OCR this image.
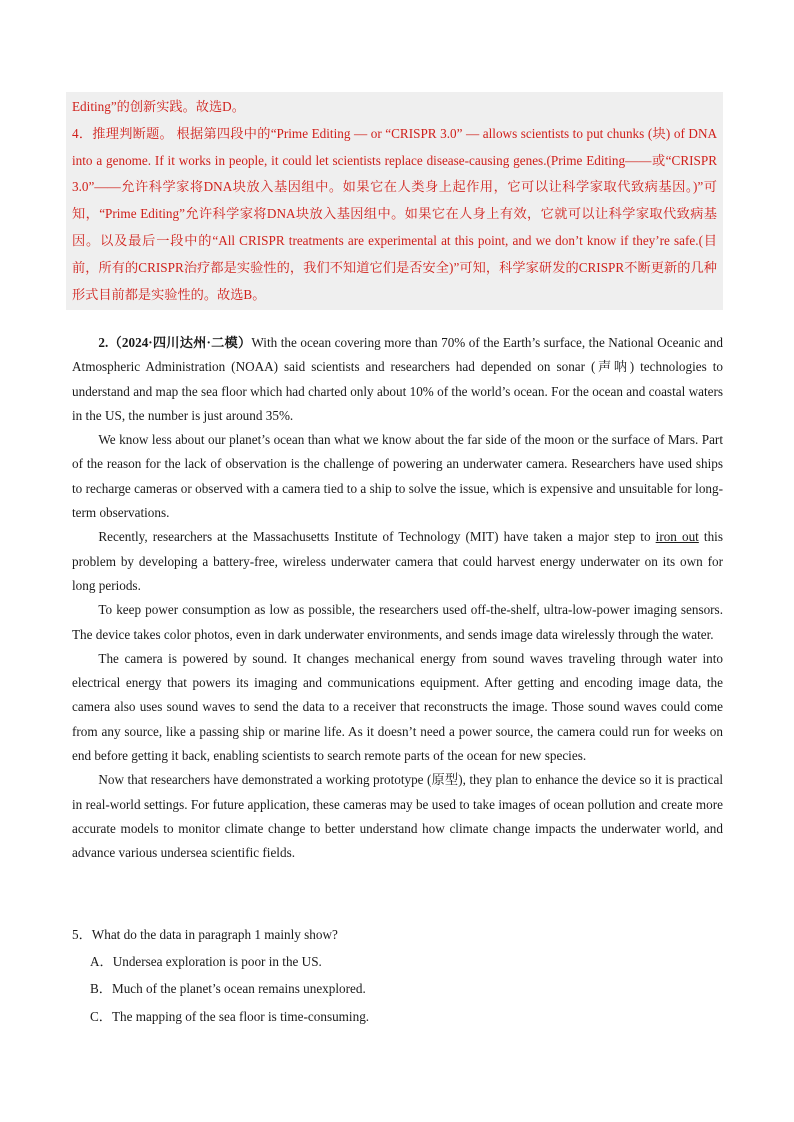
Editing”的创新实践。故选D。

4．推理判断题。 根据第四段中的“Prime Editing — or “CRISPR 3.0” — allows scientists to put chunks (块) of DNA into a genome. If it works in people, it could let scientists replace disease-causing genes.(Prime Editing——或“CRISPR 3.0”——允许科学家将DNA块放入基因组中。如果它在人类身上起作用，它可以让科学家取代致病基因。)”可知，“Prime Editing”允许科学家将DNA块放入基因组中。如果它在人身上有效，它就可以让科学家取代致病基因。以及最后一段中的“All CRISPR treatments are experimental at this point, and we don’t know if they’re safe.(目前，所有的CRISPR治疗都是实验性的，我们不知道它们是否安全)”可知，科学家研发的CRISPR不断更新的几种形式目前都是实验性的。故选B。

2.（2024·四川达州·二模）With the ocean covering more than 70% of the Earth’s surface, the National Oceanic and Atmospheric Administration (NOAA) said scientists and researchers had depended on sonar (声呐) technologies to understand and map the sea floor which had charted only about 10% of the world’s ocean. For the ocean and coastal waters in the US, the number is just around 35%.

We know less about our planet’s ocean than what we know about the far side of the moon or the surface of Mars. Part of the reason for the lack of observation is the challenge of powering an underwater camera. Researchers have used ships to recharge cameras or observed with a camera tied to a ship to solve the issue, which is expensive and unsuitable for long-term observations.

Recently, researchers at the Massachusetts Institute of Technology (MIT) have taken a major step to iron out this problem by developing a battery-free, wireless underwater camera that could harvest energy underwater on its own for long periods.

To keep power consumption as low as possible, the researchers used off-the-shelf, ultra-low-power imaging sensors. The device takes color photos, even in dark underwater environments, and sends image data wirelessly through the water.

The camera is powered by sound. It changes mechanical energy from sound waves traveling through water into electrical energy that powers its imaging and communications equipment. After getting and encoding image data, the camera also uses sound waves to send the data to a receiver that reconstructs the image. Those sound waves could come from any source, like a passing ship or marine life. As it doesn’t need a power source, the camera could run for weeks on end before getting it back, enabling scientists to search remote parts of the ocean for new species.

Now that researchers have demonstrated a working prototype (原型), they plan to enhance the device so it is practical in real-world settings. For future application, these cameras may be used to take images of ocean pollution and create more accurate models to monitor climate change to better understand how climate change impacts the underwater world, and advance various undersea scientific fields.

5．What do the data in paragraph 1 mainly show?

A．Undersea exploration is poor in the US.

B．Much of the planet’s ocean remains unexplored.

C．The mapping of the sea floor is time-consuming.
